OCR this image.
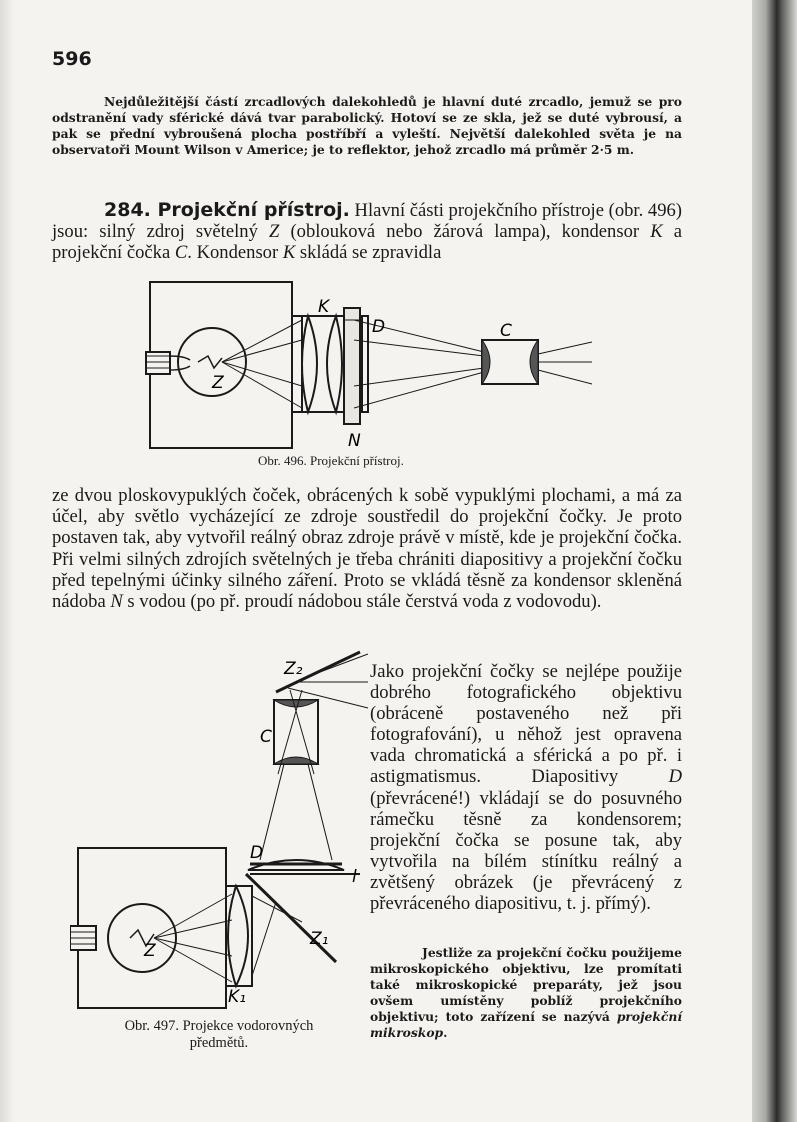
596
Nejdůležitější částí zrcadlových dalekohledů je hlavní duté zrcadlo, jemuž se pro odstranění vady sférické dává tvar parabolický. Hotoví se ze skla, jež se duté vybrousí, a pak se přední vybroušená plocha postříbří a vyleští. Největší dalekohled světa je na observatoři Mount Wilson v Americe; je to reflektor, jehož zrcadlo má průměr 2·5 m.
284. Projekční přístroj. Hlavní části projekčního přístroje (obr. 496) jsou: silný zdroj světelný Z (oblouková nebo žárová lampa), kondensor K a projekční čočka C. Kondensor K skládá se zpravidla
K
D	C
Z
N
Obr. 496. Projekční přístroj.
ze dvou ploskovypuklých čoček, obrácených k sobě vypuklými plochami, a má za účel, aby světlo vycházející ze zdroje soustředil do projekční čočky. Je proto postaven tak, aby vytvořil reálný obraz zdroje právě v místě, kde je projekční čočka. Při velmi silných zdrojích světelných je třeba chrániti diapositivy a projekční čočku před tepelnými účinky silného záření. Proto se vkládá těsně za kondensor skleněná nádoba N s vodou (po př. proudí nádobou stále čerstvá voda z vodovodu).
Jestliže za projekční čočku použijeme mikroskopického objektivu, lze promítati také mikroskopické preparáty, jež jsou ovšem umístěny poblíž projekčního objektivu; toto zařízení se nazývá projekční mikroskop.
Z₂
C
D
l
Z₁
Z
K₁
Obr. 497. Projekce vodorovných
předmětů.
Jako projekční čočky se nejlépe použije dobrého fotografického objektivu (obráceně postaveného než při fotografování), u něhož jest opravena vada chromatická a sférická a po př. i astigmatismus. Diapositivy D (převrácené!) vkládají se do posuvného rámečku těsně za kondensorem; projekční čočka se posune tak, aby vytvořila na bílém stínítku reálný a zvětšený obrázek (je převrácený z převráceného diapositivu, t. j. přímý).
